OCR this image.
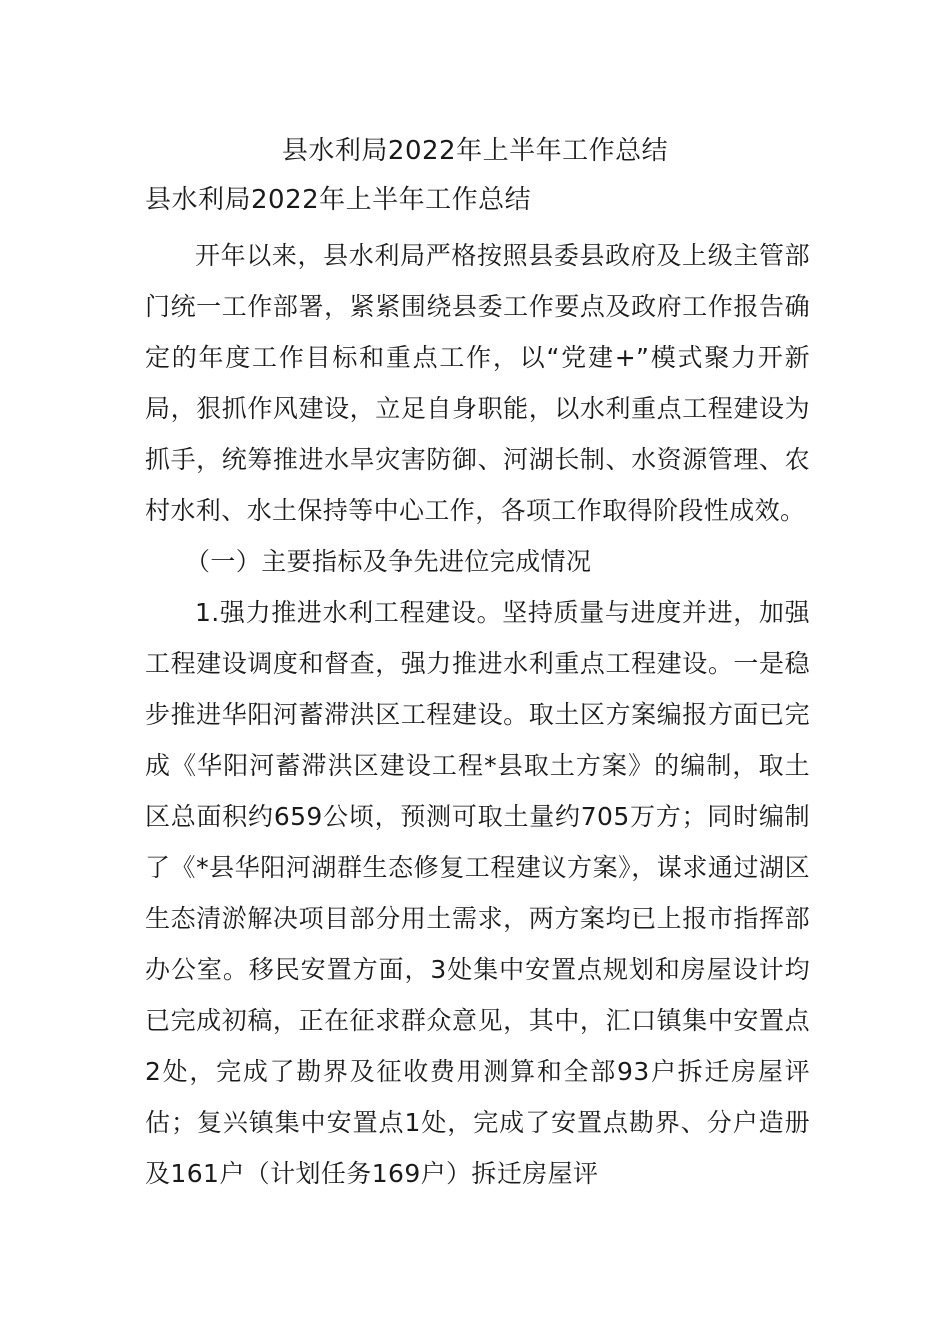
县水利局2022年上半年工作总结

县水利局2022年上半年工作总结

开年以来，县水利局严格按照县委县政府及上级主管部门统一工作部署，紧紧围绕县委工作要点及政府工作报告确定的年度工作目标和重点工作，以“党建+”模式聚力开新局，狠抓作风建设，立足自身职能，以水利重点工程建设为抓手，统筹推进水旱灾害防御、河湖长制、水资源管理、农村水利、水土保持等中心工作，各项工作取得阶段性成效。

（一）主要指标及争先进位完成情况

1.强力推进水利工程建设。坚持质量与进度并进，加强工程建设调度和督查，强力推进水利重点工程建设。一是稳步推进华阳河蓄滞洪区工程建设。取土区方案编报方面已完成《华阳河蓄滞洪区建设工程*县取土方案》的编制，取土区总面积约659公顷，预测可取土量约705万方；同时编制了《*县华阳河湖群生态修复工程建议方案》，谋求通过湖区生态清淤解决项目部分用土需求，两方案均已上报市指挥部办公室。移民安置方面，3处集中安置点规划和房屋设计均已完成初稿，正在征求群众意见，其中，汇口镇集中安置点2处，完成了勘界及征收费用测算和全部93户拆迁房屋评估；复兴镇集中安置点1处，完成了安置点勘界、分户造册及161户（计划任务169户）拆迁房屋评
